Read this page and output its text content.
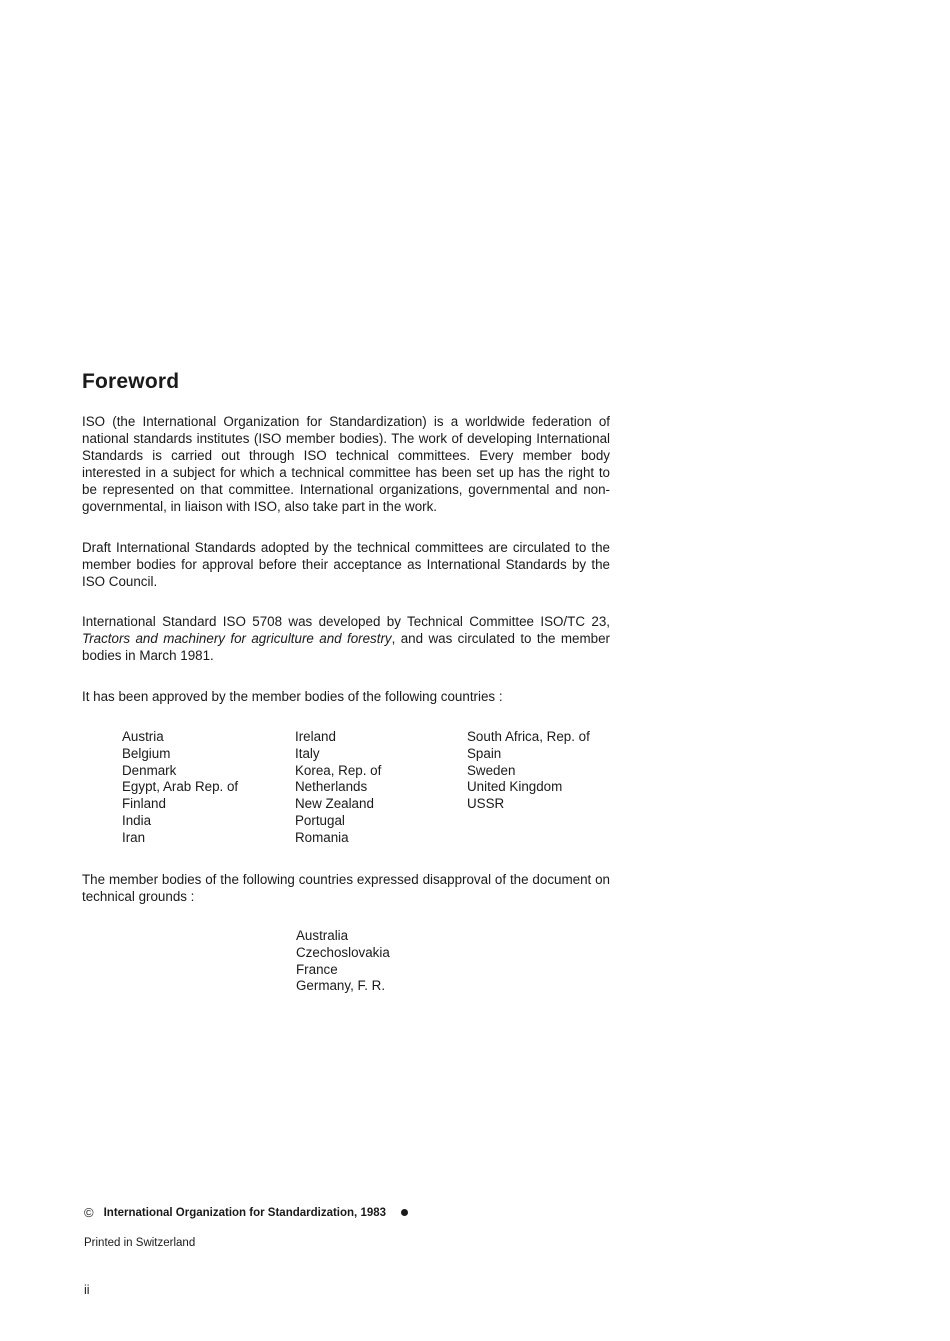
Foreword

ISO (the International Organization for Standardization) is a worldwide federation of national standards institutes (ISO member bodies). The work of developing International Standards is carried out through ISO technical committees. Every member body interested in a subject for which a technical committee has been set up has the right to be represented on that committee. International organizations, governmental and non-governmental, in liaison with ISO, also take part in the work.

Draft International Standards adopted by the technical committees are circulated to the member bodies for approval before their acceptance as International Standards by the ISO Council.

International Standard ISO 5708 was developed by Technical Committee ISO/TC 23, Tractors and machinery for agriculture and forestry, and was circulated to the member bodies in March 1981.

It has been approved by the member bodies of the following countries :

Austria
Belgium
Denmark
Egypt, Arab Rep. of
Finland
India
Iran
Ireland
Italy
Korea, Rep. of
Netherlands
New Zealand
Portugal
Romania
South Africa, Rep. of
Spain
Sweden
United Kingdom
USSR

The member bodies of the following countries expressed disapproval of the document on technical grounds :

Australia
Czechoslovakia
France
Germany, F. R.
© International Organization for Standardization, 1983
Printed in Switzerland
ii
